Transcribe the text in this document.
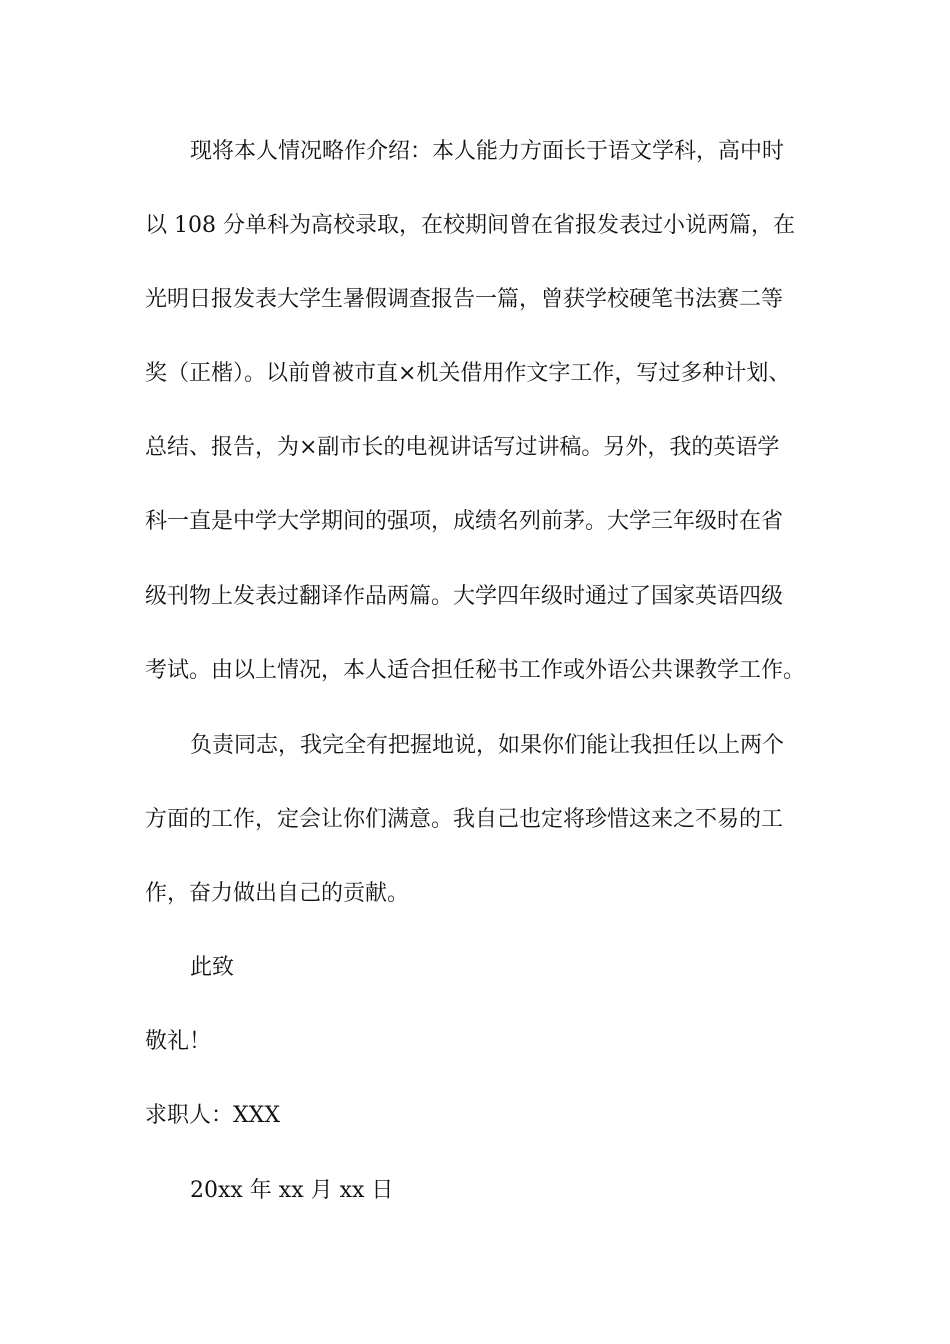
现将本人情况略作介绍：本人能力方面长于语文学科，高中时
以 108 分单科为高校录取，在校期间曾在省报发表过小说两篇，在
光明日报发表大学生暑假调查报告一篇，曾获学校硬笔书法赛二等
奖（正楷）。以前曾被市直×机关借用作文字工作，写过多种计划、
总结、报告，为×副市长的电视讲话写过讲稿。另外，我的英语学
科一直是中学大学期间的强项，成绩名列前茅。大学三年级时在省
级刊物上发表过翻译作品两篇。大学四年级时通过了国家英语四级
考试。由以上情况，本人适合担任秘书工作或外语公共课教学工作。
负责同志，我完全有把握地说，如果你们能让我担任以上两个
方面的工作，定会让你们满意。我自己也定将珍惜这来之不易的工
作，奋力做出自己的贡献。
此致
敬礼！
求职人：XXX
20xx 年 xx 月 xx 日
